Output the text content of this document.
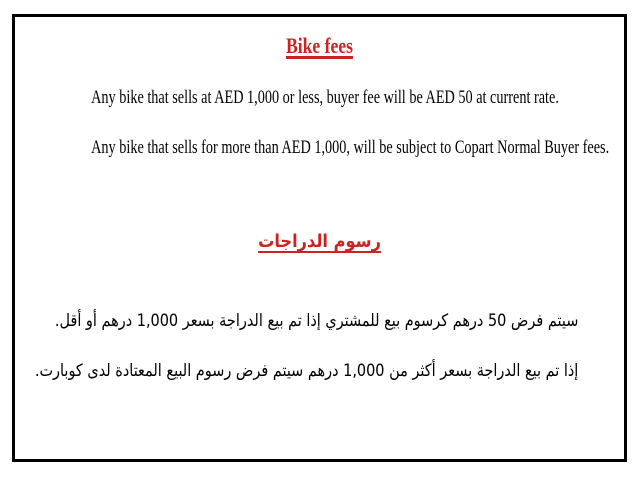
Bike fees

Any bike that sells at AED 1,000 or less, buyer fee will be AED 50 at current rate.

Any bike that sells for more than AED 1,000, will be subject to Copart Normal Buyer fees.

رسوم الدراجات

سيتم فرض 50 درهم كرسوم بيع للمشتري إذا تم بيع الدراجة بسعر 1,000 درهم أو أقل.

إذا تم بيع الدراجة بسعر أكثر من 1,000 درهم سيتم فرض رسوم البيع المعتادة لدى كوبارت.
